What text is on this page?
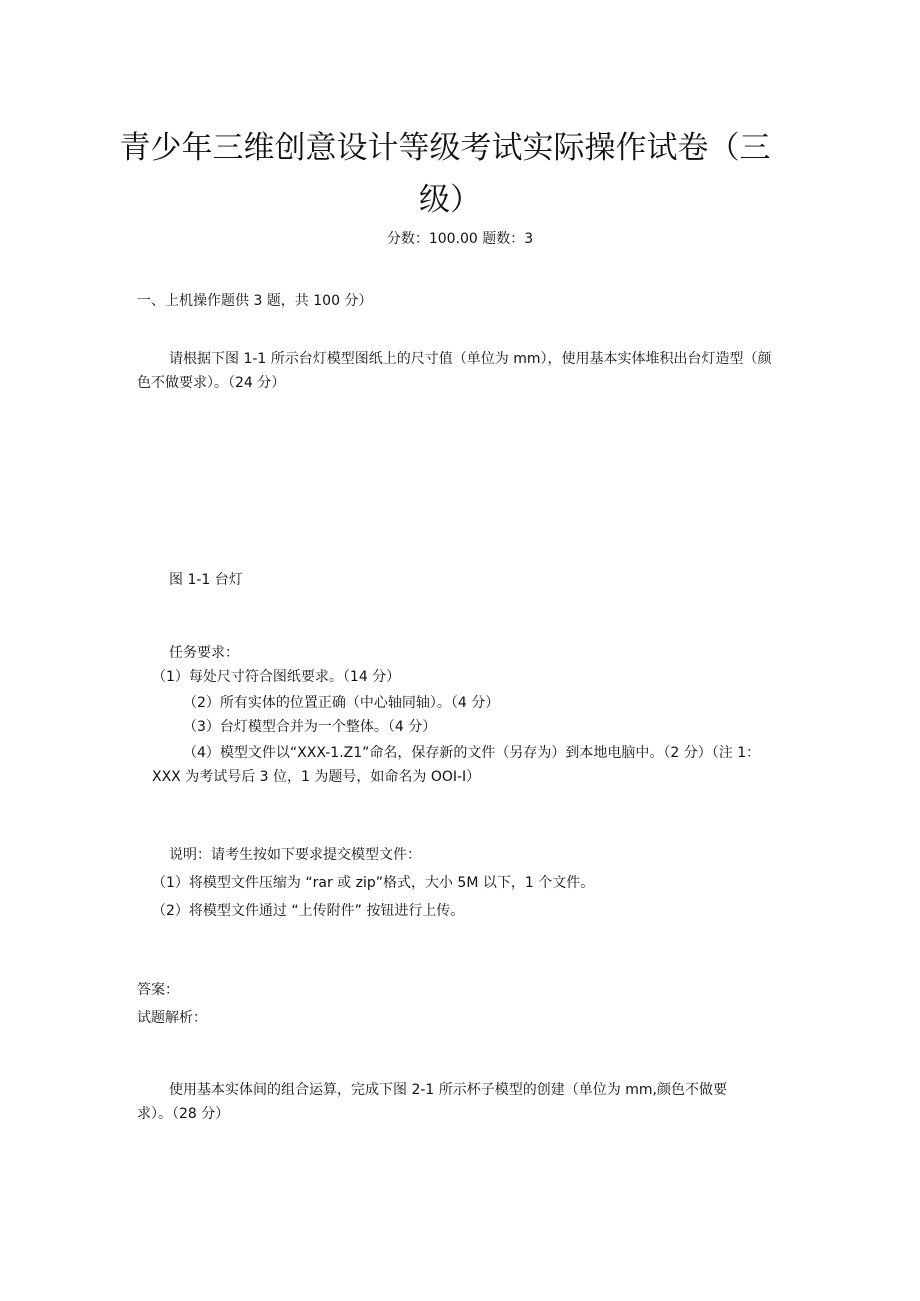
青少年三维创意设计等级考试实际操作试卷（三
级）
分数：100.00 题数：3
一、上机操作题供 3 题，共 100 分）
请根据下图 1-1 所示台灯模型图纸上的尺寸值（单位为 mm），使用基本实体堆积出台灯造型（颜
色不做要求）。（24 分）
图 1-1 台灯
任务要求：
（1）每处尺寸符合图纸要求。（14 分）
（2）所有实体的位置正确（中心轴同轴）。（4 分）
（3）台灯模型合并为一个整体。（4 分）
（4）模型文件以“XXX-1.Z1”命名，保存新的文件（另存为）到本地电脑中。（2 分）（注 1：
XXX 为考试号后 3 位，1 为题号，如命名为 OOI-I）
说明：请考生按如下要求提交模型文件：
（1）将模型文件压缩为 “rar 或 zip”格式，大小 5M 以下，1 个文件。
（2）将模型文件通过 “上传附件” 按钮进行上传。
答案：
试题解析：
使用基本实体间的组合运算，完成下图 2-1 所示杯子模型的创建（单位为 mm,颜色不做要
求）。（28 分）
